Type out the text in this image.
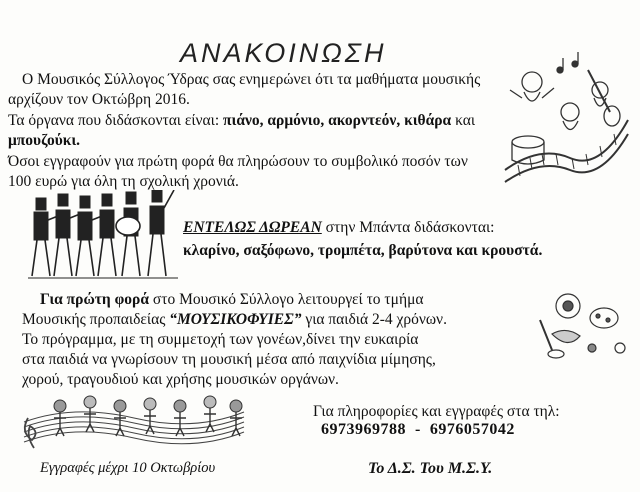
ΑΝΑΚΟΙΝΩΣΗ
Ο Μουσικός Σύλλογος Ύδρας σας ενημερώνει ότι τα μαθήματα μουσικής
αρχίζουν τον Οκτώβρη 2016.
Τα όργανα που διδάσκονται είναι: πιάνο, αρμόνιο, ακορντεόν, κιθάρα και
μπουζούκι.
Όσοι εγγραφούν για πρώτη φορά θα πληρώσουν το συμβολικό ποσόν των
100 ευρώ για όλη τη σχολική χρονιά.
ΕΝΤΕΛΩΣ ΔΩΡΕΑΝ στην Μπάντα διδάσκονται:
κλαρίνο, σαξόφωνο, τρομπέτα, βαρύτονα και κρουστά.
Για πρώτη φορά στο Μουσικό Σύλλογο λειτουργεί το τμήμα
Μουσικής προπαιδείας “ΜΟΥΣΙΚΟΦΥΙΕΣ” για παιδιά 2-4 χρόνων.
Το πρόγραμμα, με τη συμμετοχή των γονέων,δίνει την ευκαιρία
στα παιδιά να γνωρίσουν τη μουσική μέσα από παιχνίδια μίμησης,
χορού, τραγουδιού και χρήσης μουσικών οργάνων.
Για πληροφορίες και εγγραφές στα τηλ:
6973969788  -  6976057042
Εγγραφές μέχρι 10 Οκτωβρίου	Το Δ.Σ. Του Μ.Σ.Υ.
